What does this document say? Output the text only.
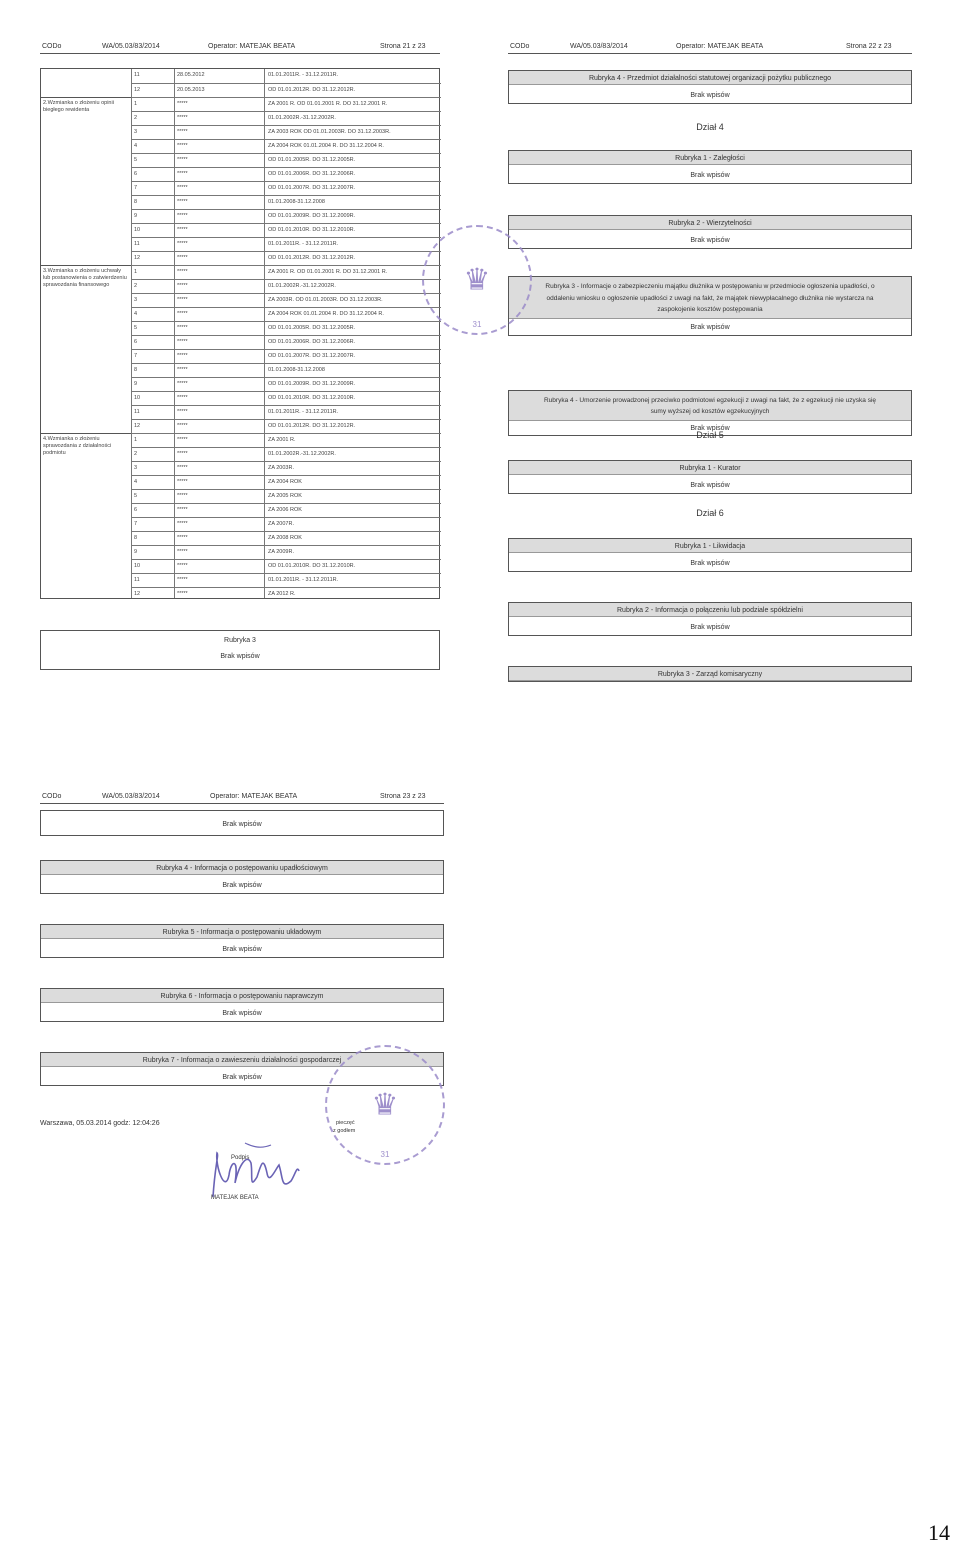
CODo	WA/05.03/83/2014	Operator: MATEJAK BEATA	Strona 21 z 23
11	28.05.2012	01.01.2011R. - 31.12.2011R.
12	20.05.2013	OD 01.01.2012R. DO 31.12.2012R.
2.Wzmianka o złożeniu opinii biegłego rewidenta
1	*****	ZA 2001 R. OD 01.01.2001 R. DO 31.12.2001 R.
2	*****	01.01.2002R.-31.12.2002R.
3	*****	ZA 2003 ROK OD 01.01.2003R. DO 31.12.2003R.
4	*****	ZA 2004 ROK 01.01.2004 R. DO 31.12.2004 R.
5	*****	OD 01.01.2005R. DO 31.12.2005R.
6	*****	OD 01.01.2006R. DO 31.12.2006R.
7	*****	OD 01.01.2007R. DO 31.12.2007R.
8	*****	01.01.2008-31.12.2008
9	*****	OD 01.01.2009R. DO 31.12.2009R.
10	*****	OD 01.01.2010R. DO 31.12.2010R.
11	*****	01.01.2011R. - 31.12.2011R.
12	*****	OD 01.01.2012R. DO 31.12.2012R.
3.Wzmianka o złożeniu uchwały lub postanowienia o zatwierdzeniu sprawozdania finansowego
1	*****	ZA 2001 R. OD 01.01.2001 R. DO 31.12.2001 R.
2	*****	01.01.2002R.-31.12.2002R.
3	*****	ZA 2003R. OD 01.01.2003R. DO 31.12.2003R.
4	*****	ZA 2004 ROK 01.01.2004 R. DO 31.12.2004 R.
5	*****	OD 01.01.2005R. DO 31.12.2005R.
6	*****	OD 01.01.2006R. DO 31.12.2006R.
7	*****	OD 01.01.2007R. DO 31.12.2007R.
8	*****	01.01.2008-31.12.2008
9	*****	OD 01.01.2009R. DO 31.12.2009R.
10	*****	OD 01.01.2010R. DO 31.12.2010R.
11	*****	01.01.2011R. - 31.12.2011R.
12	*****	OD 01.01.2012R. DO 31.12.2012R.
4.Wzmianka o złożeniu sprawozdania z działalności podmiotu
1	*****	ZA 2001 R.
2	*****	01.01.2002R.-31.12.2002R.
3	*****	ZA 2003R.
4	*****	ZA 2004 ROK
5	*****	ZA 2005 ROK
6	*****	ZA 2006 ROK
7	*****	ZA 2007R.
8	*****	ZA 2008 ROK
9	*****	ZA 2009R.
10	*****	OD 01.01.2010R. DO 31.12.2010R.
11	*****	01.01.2011R. - 31.12.2011R.
12	*****	ZA 2012 R.
Rubryka 3
Brak wpisów
CODo	WA/05.03/83/2014	Operator: MATEJAK BEATA	Strona 22 z 23
Rubryka 4 - Przedmiot działalności statutowej organizacji pożytku publicznego
Brak wpisów
Dział 4
Rubryka 1 - Zaległości
Brak wpisów
Rubryka 2 - Wierzytelności
Brak wpisów
Rubryka 3 - Informacje o zabezpieczeniu majątku dłużnika w postępowaniu w przedmiocie ogłoszenia upadłości, o
oddaleniu wniosku o ogłoszenie upadłości z uwagi na fakt, że majątek niewypłacalnego dłużnika nie wystarcza na
zaspokojenie kosztów postępowania
Brak wpisów
Rubryka 4 - Umorzenie prowadzonej przeciwko podmiotowi egzekucji z uwagi na fakt, że z egzekucji nie uzyska się
sumy wyższej od kosztów egzekucyjnych
Brak wpisów
Dział 5
Rubryka 1 - Kurator
Brak wpisów
Dział 6
Rubryka 1 - Likwidacja
Brak wpisów
Rubryka 2 - Informacja o połączeniu lub podziale spółdzielni
Brak wpisów
Rubryka 3 - Zarząd komisaryczny
♛
31
CODo	WA/05.03/83/2014	Operator: MATEJAK BEATA	Strona 23 z 23
Brak wpisów
Rubryka 4 - Informacja o postępowaniu upadłościowym
Brak wpisów
Rubryka 5 - Informacja o postępowaniu układowym
Brak wpisów
Rubryka 6 - Informacja o postępowaniu naprawczym
Brak wpisów
Rubryka 7 - Informacja o zawieszeniu działalności gospodarczej
Brak wpisów
Warszawa, 05.03.2014 godz: 12:04:26
♛
31
pieczęć
z godłem
Podpis
MATEJAK BEATA
14
